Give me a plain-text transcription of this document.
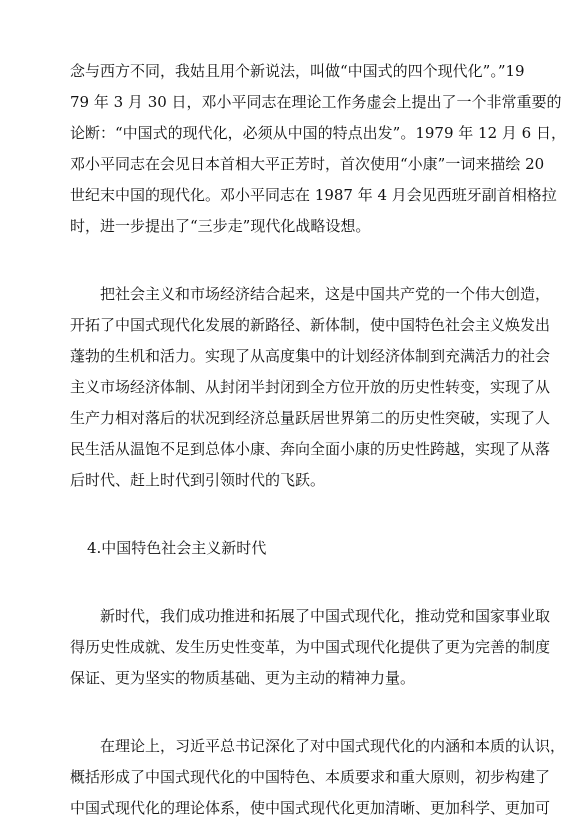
念与西方不同，我姑且用个新说法，叫做“中国式的四个现代化”。”19
79 年 3 月 30 日，邓小平同志在理论工作务虚会上提出了一个非常重要的
论断：“中国式的现代化，必须从中国的特点出发”。1979 年 12 月 6 日，
邓小平同志在会见日本首相大平正芳时，首次使用“小康”一词来描绘 20
世纪末中国的现代化。邓小平同志在 1987 年 4 月会见西班牙副首相格拉
时，进一步提出了“三步走”现代化战略设想。
把社会主义和市场经济结合起来，这是中国共产党的一个伟大创造，
开拓了中国式现代化发展的新路径、新体制，使中国特色社会主义焕发出
蓬勃的生机和活力。实现了从高度集中的计划经济体制到充满活力的社会
主义市场经济体制、从封闭半封闭到全方位开放的历史性转变，实现了从
生产力相对落后的状况到经济总量跃居世界第二的历史性突破，实现了人
民生活从温饱不足到总体小康、奔向全面小康的历史性跨越，实现了从落
后时代、赶上时代到引领时代的飞跃。
4.中国特色社会主义新时代
新时代，我们成功推进和拓展了中国式现代化，推动党和国家事业取
得历史性成就、发生历史性变革，为中国式现代化提供了更为完善的制度
保证、更为坚实的物质基础、更为主动的精神力量。
在理论上，习近平总书记深化了对中国式现代化的内涵和本质的认识，
概括形成了中国式现代化的中国特色、本质要求和重大原则，初步构建了
中国式现代化的理论体系，使中国式现代化更加清晰、更加科学、更加可
